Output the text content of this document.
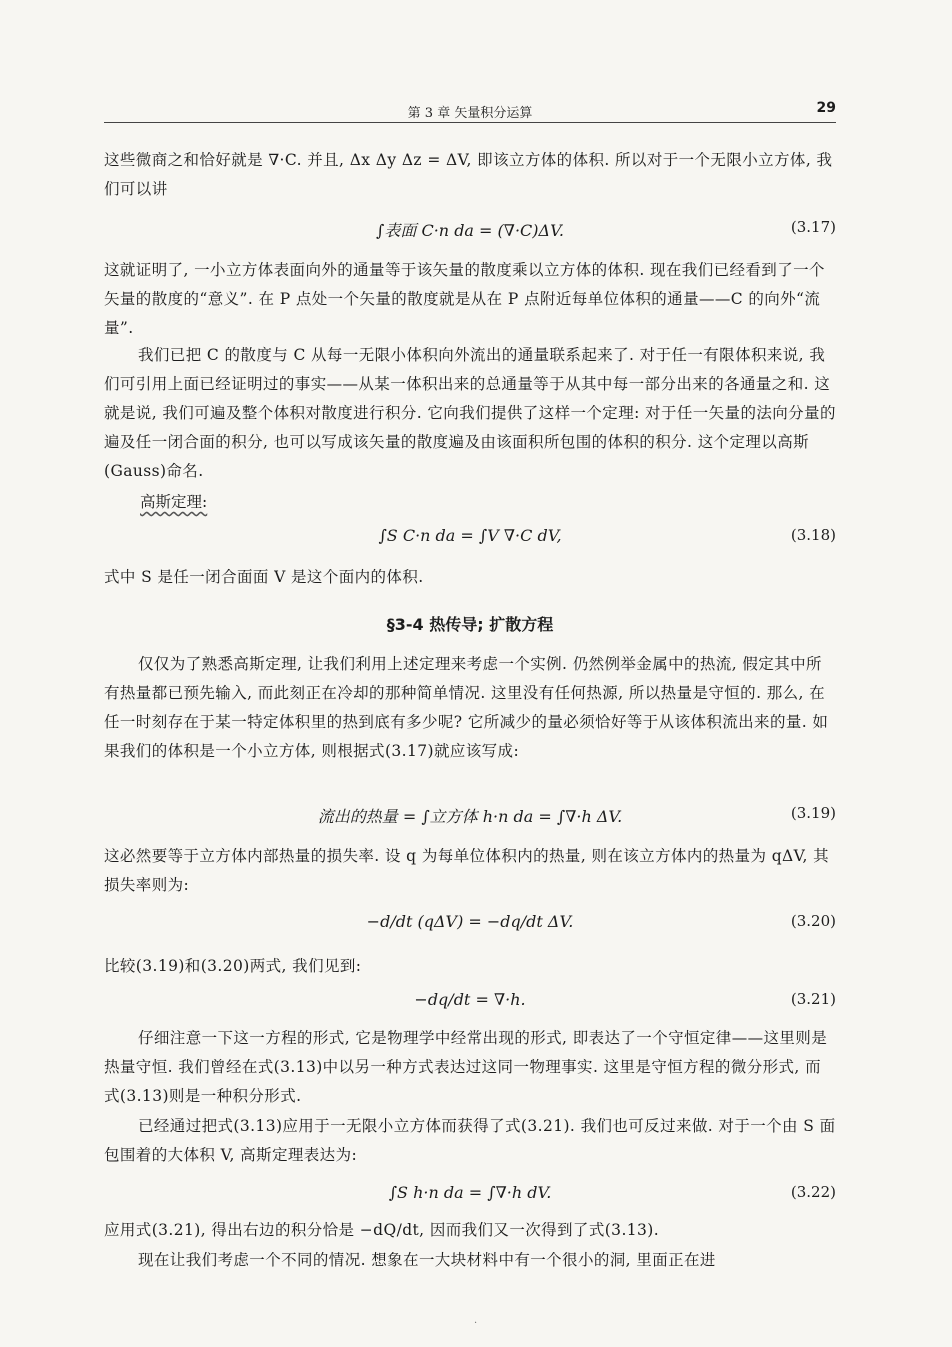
第 3 章 矢量积分运算	29

这些微商之和恰好就是 ∇·C. 并且, Δx Δy Δz = ΔV, 即该立方体的体积. 所以对于一个无限小立方体, 我们可以讲

∫表面 C·n da = (∇·C)ΔV.	(3.17)

这就证明了, 一小立方体表面向外的通量等于该矢量的散度乘以立方体的体积. 现在我们已经看到了一个矢量的散度的“意义”. 在 P 点处一个矢量的散度就是从在 P 点附近每单位体积的通量——C 的向外“流量”.

我们已把 C 的散度与 C 从每一无限小体积向外流出的通量联系起来了. 对于任一有限体积来说, 我们可引用上面已经证明过的事实——从某一体积出来的总通量等于从其中每一部分出来的各通量之和. 这就是说, 我们可遍及整个体积对散度进行积分. 它向我们提供了这样一个定理: 对于任一矢量的法向分量的遍及任一闭合面的积分, 也可以写成该矢量的散度遍及由该面积所包围的体积的积分. 这个定理以高斯(Gauss)命名.

高斯定理:
∫S C·n da = ∫V ∇·C dV,	(3.18)

式中 S 是任一闭合面面 V 是这个面内的体积.

§3-4 热传导; 扩散方程

仅仅为了熟悉高斯定理, 让我们利用上述定理来考虑一个实例. 仍然例举金属中的热流, 假定其中所有热量都已预先输入, 而此刻正在冷却的那种简单情况. 这里没有任何热源, 所以热量是守恒的. 那么, 在任一时刻存在于某一特定体积里的热到底有多少呢? 它所减少的量必须恰好等于从该体积流出来的量. 如果我们的体积是一个小立方体, 则根据式(3.17)就应该写成:

流出的热量 = ∫立方体 h·n da = ∫∇·h ΔV.	(3.19)

这必然要等于立方体内部热量的损失率. 设 q 为每单位体积内的热量, 则在该立方体内的热量为 qΔV, 其损失率则为:

−d/dt (qΔV) = −dq/dt ΔV.	(3.20)

比较(3.19)和(3.20)两式, 我们见到:

−dq/dt = ∇·h.	(3.21)

仔细注意一下这一方程的形式, 它是物理学中经常出现的形式, 即表达了一个守恒定律——这里则是热量守恒. 我们曾经在式(3.13)中以另一种方式表达过这同一物理事实. 这里是守恒方程的微分形式, 而式(3.13)则是一种积分形式.

已经通过把式(3.13)应用于一无限小立方体而获得了式(3.21). 我们也可反过来做. 对于一个由 S 面包围着的大体积 V, 高斯定理表达为:

∫S h·n da = ∫∇·h dV.	(3.22)

应用式(3.21), 得出右边的积分恰是 −dQ/dt, 因而我们又一次得到了式(3.13).

现在让我们考虑一个不同的情况. 想象在一大块材料中有一个很小的洞, 里面正在进

·
